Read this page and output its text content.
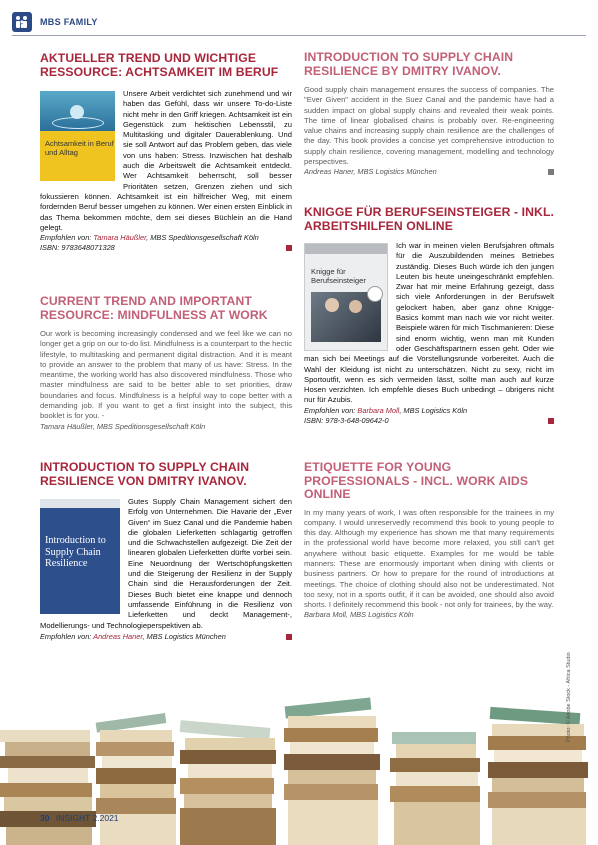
MBS FAMILY
AKTUELLER TREND UND WICHTIGE RESSOURCE: ACHTSAMKEIT IM BERUF
Achtsamkeit in Beruf und Alltag

Unsere Arbeit verdichtet sich zunehmend und wir haben das Gefühl, dass wir unsere To-do-Liste nicht mehr in den Griff kriegen. Achtsamkeit ist ein Gegenstück zum hektischen Lebensstil, zu Multitasking und digitaler Dauerablenkung. Und sie soll Antwort auf das Problem geben, das viele von uns haben: Stress. Inzwischen hat deshalb auch die Arbeitswelt die Achtsamkeit entdeckt. Wer Achtsamkeit beherrscht, soll besser Prioritäten setzen, Grenzen ziehen und sich fokussieren können. Achtsamkeit ist ein hilfreicher Weg, mit einem fordernden Beruf besser umgehen zu können. Wer einen ersten Einblick in das Thema bekommen möchte, dem sei dieses Büchlein an die Hand gelegt.

Empfohlen von: Tamara Häußler, MBS Speditionsgesellschaft Köln

ISBN: 9783648071328

CURRENT TREND AND IMPORTANT RESOURCE: MINDFULNESS AT WORK

Our work is becoming increasingly condensed and we feel like we can no longer get a grip on our to-do list. Mindfulness is a counterpart to the hectic lifestyle, to multitasking and permanent digital distraction. And it is meant to provide an answer to the problem that many of us have: Stress. In the meantime, the working world has also discovered mindfulness. Those who master mindfulness are said to be better able to set priorities, draw boundaries and focus. Mindfulness is a helpful way to cope better with a demanding job. If you want to get a first insight into the subject, this booklet is for you. -

Tamara Häußler, MBS Speditionsgesellschaft Köln

INTRODUCTION TO SUPPLY CHAIN RESILIENCE VON DMITRY IVANOV.
Introduction to Supply Chain Resilience

Gutes Supply Chain Management sichert den Erfolg von Unternehmen. Die Havarie der „Ever Given“ im Suez Canal und die Pandemie haben die globalen Lieferketten schlagartig getroffen und die Schwachstellen aufgezeigt. Die Zeit der linearen globalen Lieferketten dürfte vorbei sein. Eine Neuordnung der Wertschöpfungsketten und die Steigerung der Resilienz in der Supply Chain sind die Herausforderungen der Zeit. Dieses Buch bietet eine knappe und dennoch umfassende Einführung in die Resilienz von Lieferketten und deckt Management-, Modellierungs- und Technologieperspektiven ab.

Empfohlen von: Andreas Haner, MBS Logistics München

INTRODUCTION TO SUPPLY CHAIN RESILIENCE BY DMITRY IVANOV.

Good supply chain management ensures the success of companies. The "Ever Given" accident in the Suez Canal and the pandemic have had a sudden impact on global supply chains and revealed their weak points. The time of linear globalised chains is probably over. Re-engineering value chains and increasing supply chain resilience are the challenges of the day. This book provides a concise yet comprehensive introduction to supply chain resilience, covering management, modelling and technology perspectives.

Andreas Haner, MBS Logistics München

KNIGGE FÜR BERUFSEINSTEIGER - INKL. ARBEITSHILFEN ONLINE
Knigge für Berufseinsteiger

Ich war in meinen vielen Berufsjahren oftmals für die Auszubildenden meines Betriebes zuständig. Dieses Buch würde ich den jungen Leuten bis heute uneingeschränkt empfehlen. Zwar hat mir meine Erfahrung gezeigt, dass sich viele Anforderungen in der Berufswelt gelockert haben, aber ganz ohne Knigge-Basics kommt man nach wie vor nicht weiter. Beispiele wären für mich Tischmanieren: Diese sind enorm wichtig, wenn man mit Kunden oder Geschäftspartnern essen geht. Oder wie man sich bei Meetings auf die Vorstellungsrunde vorbereitet. Auch die Wahl der Kleidung ist nicht zu unterschätzen. Nicht zu sexy, nicht im Sportoutfit, wenn es sich vermeiden lässt, sollte man auch auf kurze Hosen verzichten. Ich empfehle dieses Buch unbedingt – übrigens nicht nur für Azubis.

Empfohlen von: Barbara Moll, MBS Logistics Köln

ISBN: 978-3-648-09642-0

ETIQUETTE FOR YOUNG PROFESSIONALS - INCL. WORK AIDS ONLINE

In my many years of work, I was often responsible for the trainees in my company. I would unreservedly recommend this book to young people to this day. Although my experience has shown me that many requirements in the professional world have become more relaxed, you still can't get anywhere without basic etiquette. Examples for me would be table manners: These are enormously important when dining with clients or business partners. Or how to prepare for the round of introductions at meetings. The choice of clothing should also not be underestimated. Not too sexy, not in a sports outfit, if it can be avoided, one should also avoid shorts. I definitely recommend this book - not only for trainees, by the way.

Barbara Moll, MBS Logistics Köln

30 INSIGHT 2.2021
Photo: © Adobe Stock - Africa Studio
